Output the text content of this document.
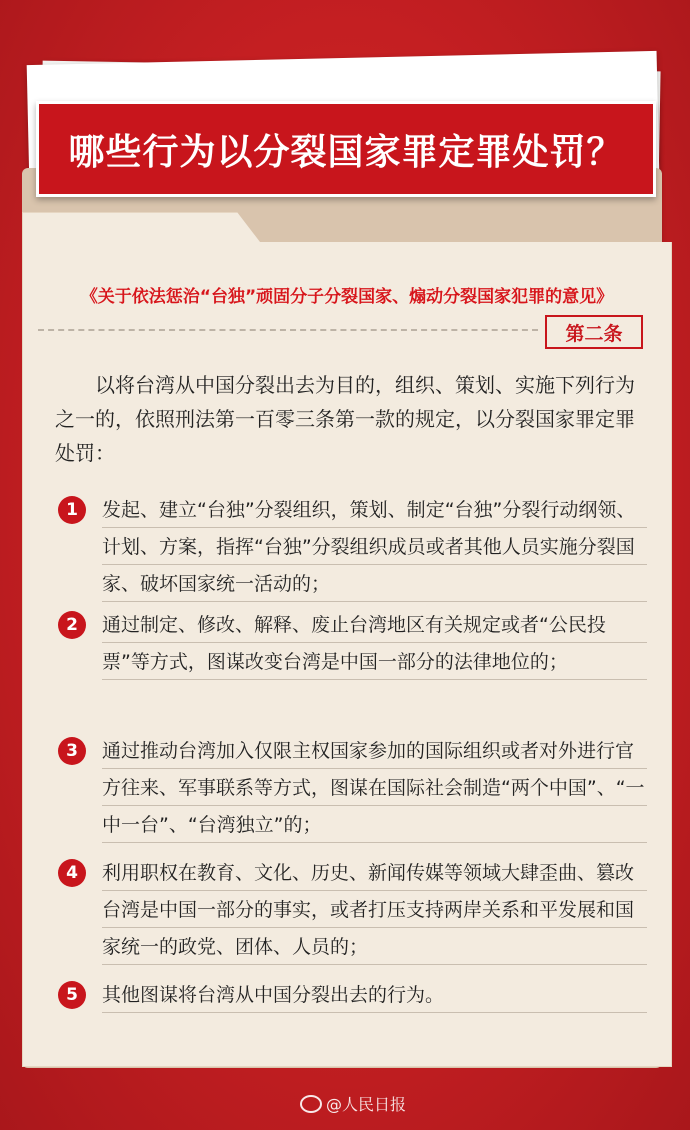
哪些行为以分裂国家罪定罪处罚？
《关于依法惩治“台独”顽固分子分裂国家、煽动分裂国家犯罪的意见》
第二条
以将台湾从中国分裂出去为目的，组织、策划、实施下列行为之一的，依照刑法第一百零三条第一款的规定，以分裂国家罪定罪处罚：
1	发起、建立“台独”分裂组织，策划、制定“台独”分裂行动纲领、计划、方案，指挥“台独”分裂组织成员或者其他人员实施分裂国家、破坏国家统一活动的；
2	通过制定、修改、解释、废止台湾地区有关规定或者“公民投票”等方式，图谋改变台湾是中国一部分的法律地位的；
3	通过推动台湾加入仅限主权国家参加的国际组织或者对外进行官方往来、军事联系等方式，图谋在国际社会制造“两个中国”、“一中一台”、“台湾独立”的；
4	利用职权在教育、文化、历史、新闻传媒等领域大肆歪曲、篡改台湾是中国一部分的事实，或者打压支持两岸关系和平发展和国家统一的政党、团体、人员的；
5	其他图谋将台湾从中国分裂出去的行为。
@人民日报
